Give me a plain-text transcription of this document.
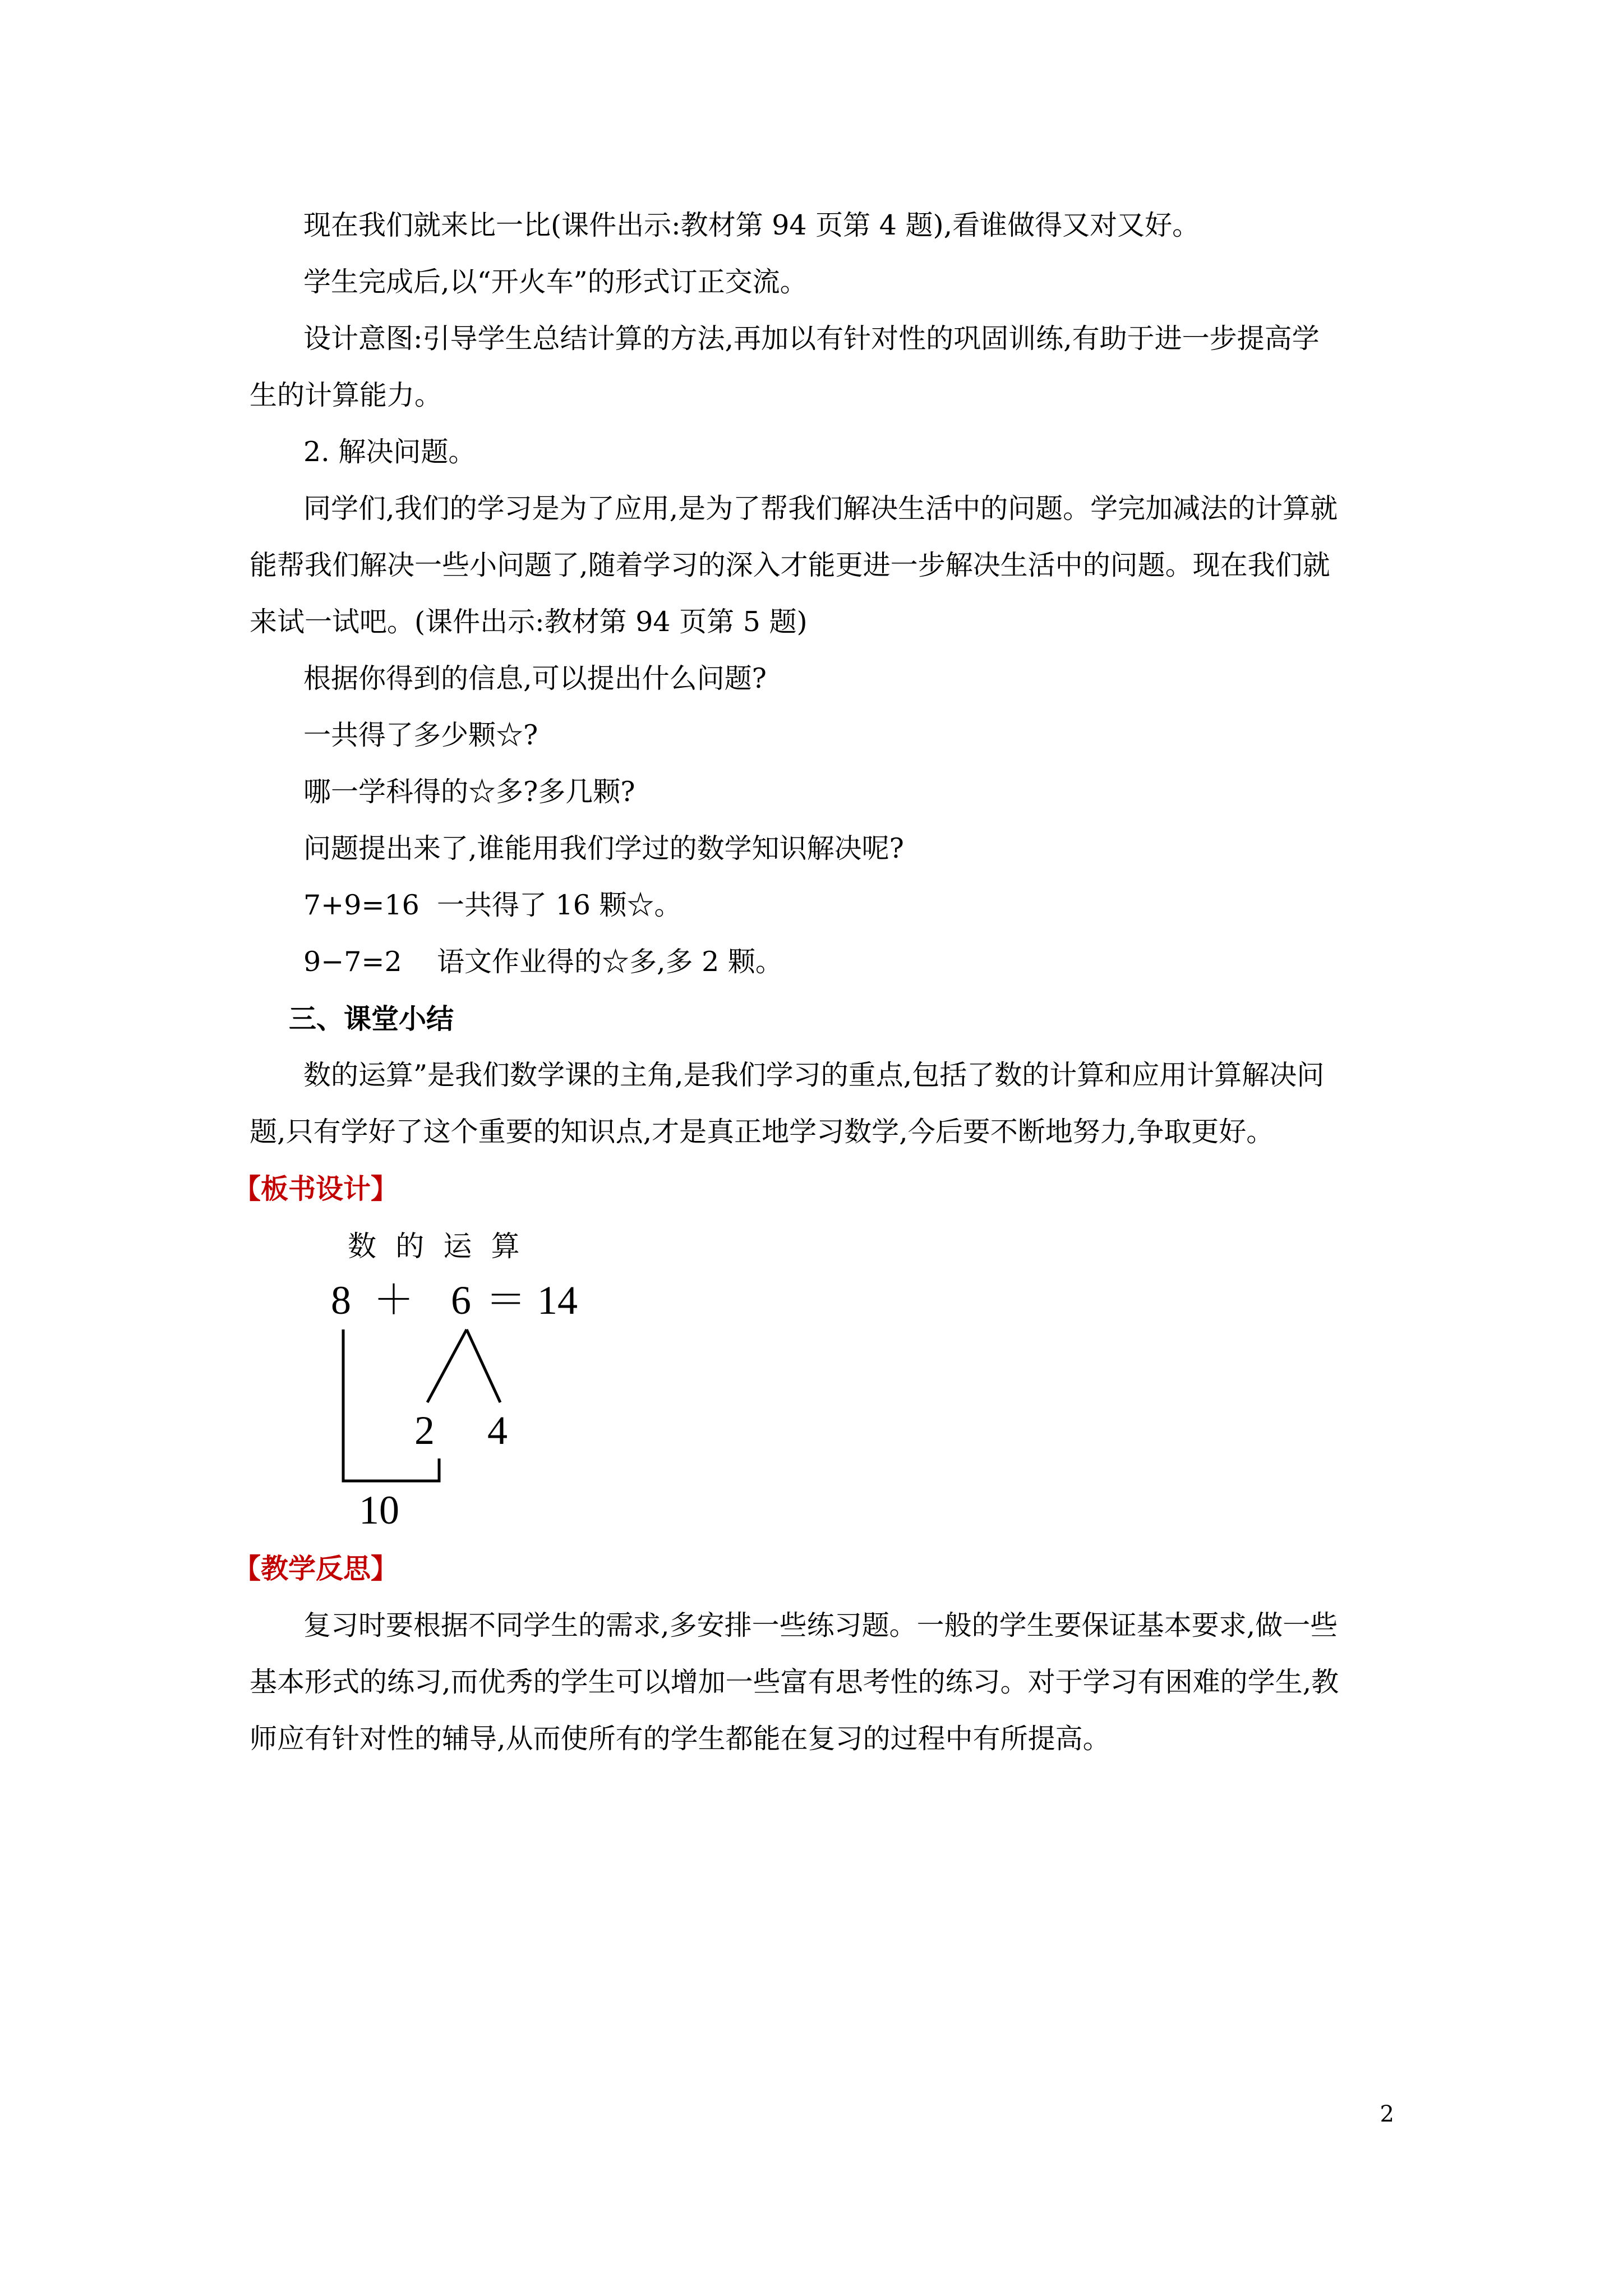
现在我们就来比一比(课件出示:教材第 94 页第 4 题),看谁做得又对又好。
学生完成后,以“开火车”的形式订正交流。
设计意图:引导学生总结计算的方法,再加以有针对性的巩固训练,有助于进一步提高学
生的计算能力。
2. 解决问题。
同学们,我们的学习是为了应用,是为了帮我们解决生活中的问题。学完加减法的计算就
能帮我们解决一些小问题了,随着学习的深入才能更进一步解决生活中的问题。现在我们就
来试一试吧。(课件出示:教材第 94 页第 5 题)
根据你得到的信息,可以提出什么问题?
一共得了多少颗☆?
哪一学科得的☆多?多几颗?
问题提出来了,谁能用我们学过的数学知识解决呢?
7+9=16  一共得了 16 颗☆。
9−7=2    语文作业得的☆多,多 2 颗。
三、课堂小结
数的运算”是我们数学课的主角,是我们学习的重点,包括了数的计算和应用计算解决问
题,只有学好了这个重要的知识点,才是真正地学习数学,今后要不断地努力,争取更好。
【板书设计】
数 的 运 算
8 ＋ 6 ＝ 14
2 4
10
【教学反思】
复习时要根据不同学生的需求,多安排一些练习题。一般的学生要保证基本要求,做一些
基本形式的练习,而优秀的学生可以增加一些富有思考性的练习。对于学习有困难的学生,教
师应有针对性的辅导,从而使所有的学生都能在复习的过程中有所提高。
2
